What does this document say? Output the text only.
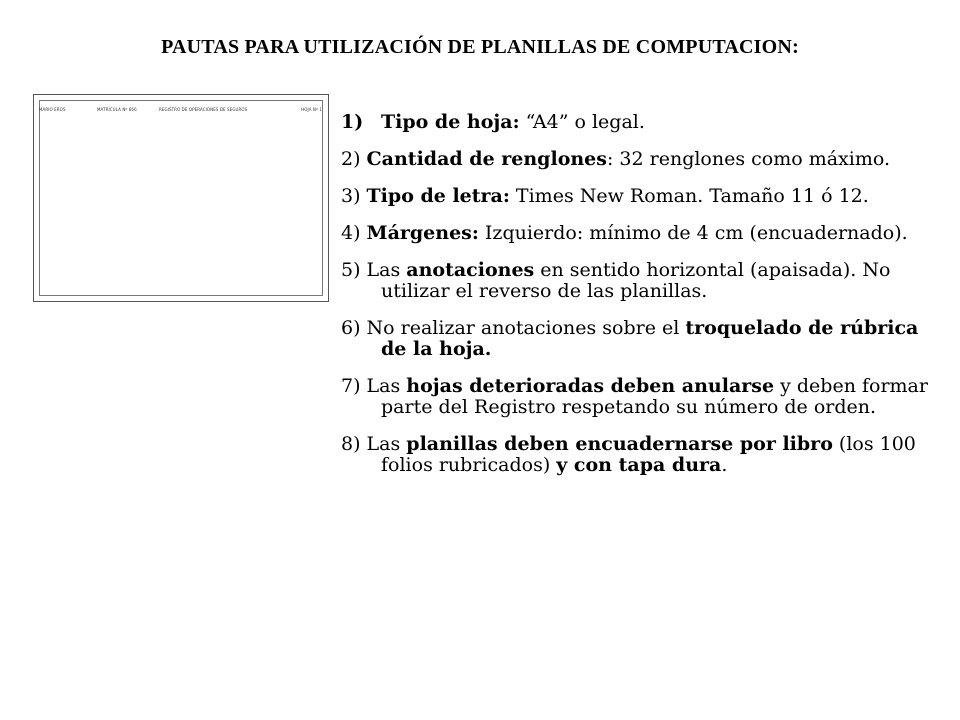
PAUTAS PARA UTILIZACIÓN DE PLANILLAS DE COMPUTACION:
MARIO EROS	MATRICULA Nº 666	REGISTRO DE OPERACIONES DE SEGUROS	HOJA Nº 1
1) Tipo de hoja: “A4” o legal.
2) Cantidad de renglones: 32 renglones como máximo.
3) Tipo de letra: Times New Roman. Tamaño 11 ó 12.
4) Márgenes: Izquierdo: mínimo de 4 cm (encuadernado).
5) Las anotaciones en sentido horizontal (apaisada). No utilizar el reverso de las planillas.
6) No realizar anotaciones sobre el troquelado de rúbrica de la hoja.
7) Las hojas deterioradas deben anularse y deben formar parte del Registro respetando su número de orden.
8) Las planillas deben encuadernarse por libro (los 100 folios rubricados) y con tapa dura.
